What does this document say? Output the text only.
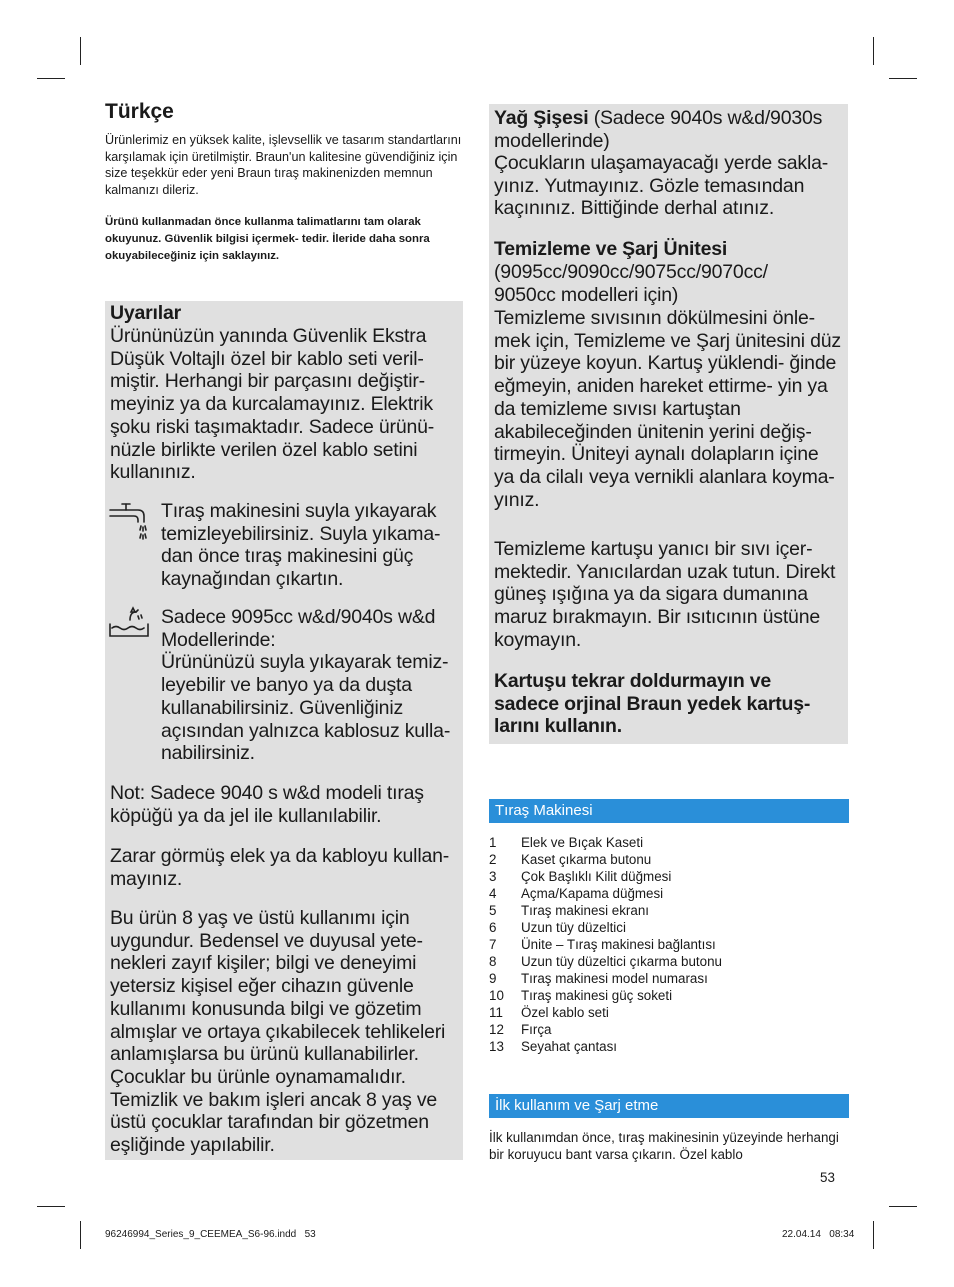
Türkçe

Ürünlerimiz en yüksek kalite, işlevsellik ve tasarım standartlarını karşılamak için üretilmiştir. Braun'un kalitesine güvendiğiniz için size teşekkür eder yeni Braun tıraş makinenizden memnun kalmanızı dileriz.

Ürünü kullanmadan önce kullanma talimatlarını tam olarak okuyunuz. Güvenlik bilgisi içermek- tedir. İleride daha sonra okuyabileceğiniz için saklayınız.

Uyarılar

Ürününüzün yanında Güvenlik Ekstra Düşük Voltajlı özel bir kablo seti veril- miştir. Herhangi bir parçasını değiştir- meyiniz ya da kurcalamayınız. Elektrik şoku riski taşımaktadır. Sadece ürünü- nüzle birlikte verilen özel kablo setini kullanınız.

Tıraş makinesini suyla yıkayarak temizleyebilirsiniz. Suyla yıkama- dan önce tıraş makinesini güç kaynağından çıkartın.

Sadece 9095cc w&d/9040s w&d

Modellerinde:

Ürününüzü suyla yıkayarak temiz- leyebilir ve banyo ya da duşta kullanabilirsiniz. Güvenliğiniz açısından yalnızca kablosuz kulla- nabilirsiniz.

Not: Sadece 9040 s w&d modeli tıraş köpüğü ya da jel ile kullanılabilir.

Zarar görmüş elek ya da kabloyu kullan- mayınız.

Bu ürün 8 yaş ve üstü kullanımı için uygundur. Bedensel ve duyusal yete- nekleri zayıf kişiler; bilgi ve deneyimi yetersiz kişisel eğer cihazın güvenle kullanımı konusunda bilgi ve gözetim almışlar ve ortaya çıkabilecek tehlikeleri anlamışlarsa bu ürünü kullanabilirler. Çocuklar bu ürünle oynamamalıdır. Temizlik ve bakım işleri ancak 8 yaş ve üstü çocuklar tarafından bir gözetmen eşliğinde yapılabilir.

Yağ Şişesi (Sadece 9040s w&d/9030s modellerinde)

Çocukların ulaşamayacağı yerde sakla- yınız. Yutmayınız. Gözle temasından kaçınınız. Bittiğinde derhal atınız.

Temizleme ve Şarj Ünitesi

(9095cc/9090cc/9075cc/9070cc/ 9050cc modelleri için)

Temizleme sıvısının dökülmesini önle- mek için, Temizleme ve Şarj ünitesini düz bir yüzeye koyun. Kartuş yüklendi- ğinde eğmeyin, aniden hareket ettirme- yin ya da temizleme sıvısı kartuştan akabileceğinden ünitenin yerini değiş- tirmeyin. Üniteyi aynalı dolapların içine ya da cilalı veya vernikli alanlara koyma- yınız.

Temizleme kartuşu yanıcı bir sıvı içer- mektedir. Yanıcılardan uzak tutun. Direkt güneş ışığına ya da sigara dumanına maruz bırakmayın. Bir ısıtıcının üstüne koymayın.

Kartuşu tekrar doldurmayın ve sadece orjinal Braun yedek kartuş- larını kullanın.

Tıraş Makinesi
1	Elek ve Bıçak Kaseti
2	Kaset çıkarma butonu
3	Çok Başlıklı Kilit düğmesi
4	Açma/Kapama düğmesi
5	Tıraş makinesi ekranı
6	Uzun tüy düzeltici
7	Ünite – Tıraş makinesi bağlantısı
8	Uzun tüy düzeltici çıkarma butonu
9	Tıraş makinesi model numarası
10	Tıraş makinesi güç soketi
11	Özel kablo seti
12	Fırça
13	Seyahat çantası
İlk kullanım ve Şarj etme

İlk kullanımdan önce, tıraş makinesinin yüzeyinde herhangi bir koruyucu bant varsa çıkarın. Özel kablo

53
96246994_Series_9_CEEMEA_S6-96.indd   53	22.04.14   08:34
